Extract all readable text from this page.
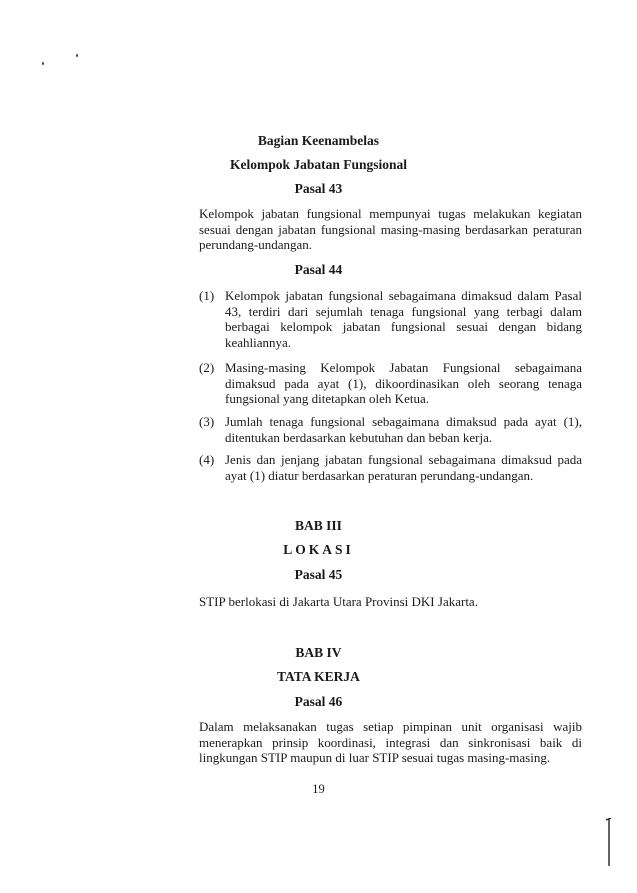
Bagian Keenambelas
Kelompok Jabatan Fungsional
Pasal 43
Kelompok jabatan fungsional mempunyai tugas melakukan kegiatan sesuai dengan jabatan fungsional masing-masing berdasarkan peraturan perundang-undangan.
Pasal 44
(1) Kelompok jabatan fungsional sebagaimana dimaksud dalam Pasal 43, terdiri dari sejumlah tenaga fungsional yang terbagi dalam berbagai kelompok jabatan fungsional sesuai dengan bidang keahliannya.
(2) Masing-masing Kelompok Jabatan Fungsional sebagaimana dimaksud pada ayat (1), dikoordinasikan oleh seorang tenaga fungsional yang ditetapkan oleh Ketua.
(3) Jumlah tenaga fungsional sebagaimana dimaksud pada ayat (1), ditentukan berdasarkan kebutuhan dan beban kerja.
(4) Jenis dan jenjang jabatan fungsional sebagaimana dimaksud pada ayat (1) diatur berdasarkan peraturan perundang-undangan.
BAB III
LOKASI
Pasal 45
STIP berlokasi di Jakarta Utara Provinsi DKI Jakarta.
BAB IV
TATA KERJA
Pasal 46
Dalam melaksanakan tugas setiap pimpinan unit organisasi wajib menerapkan prinsip koordinasi, integrasi dan sinkronisasi baik di lingkungan STIP maupun di luar STIP sesuai tugas masing-masing.
19
